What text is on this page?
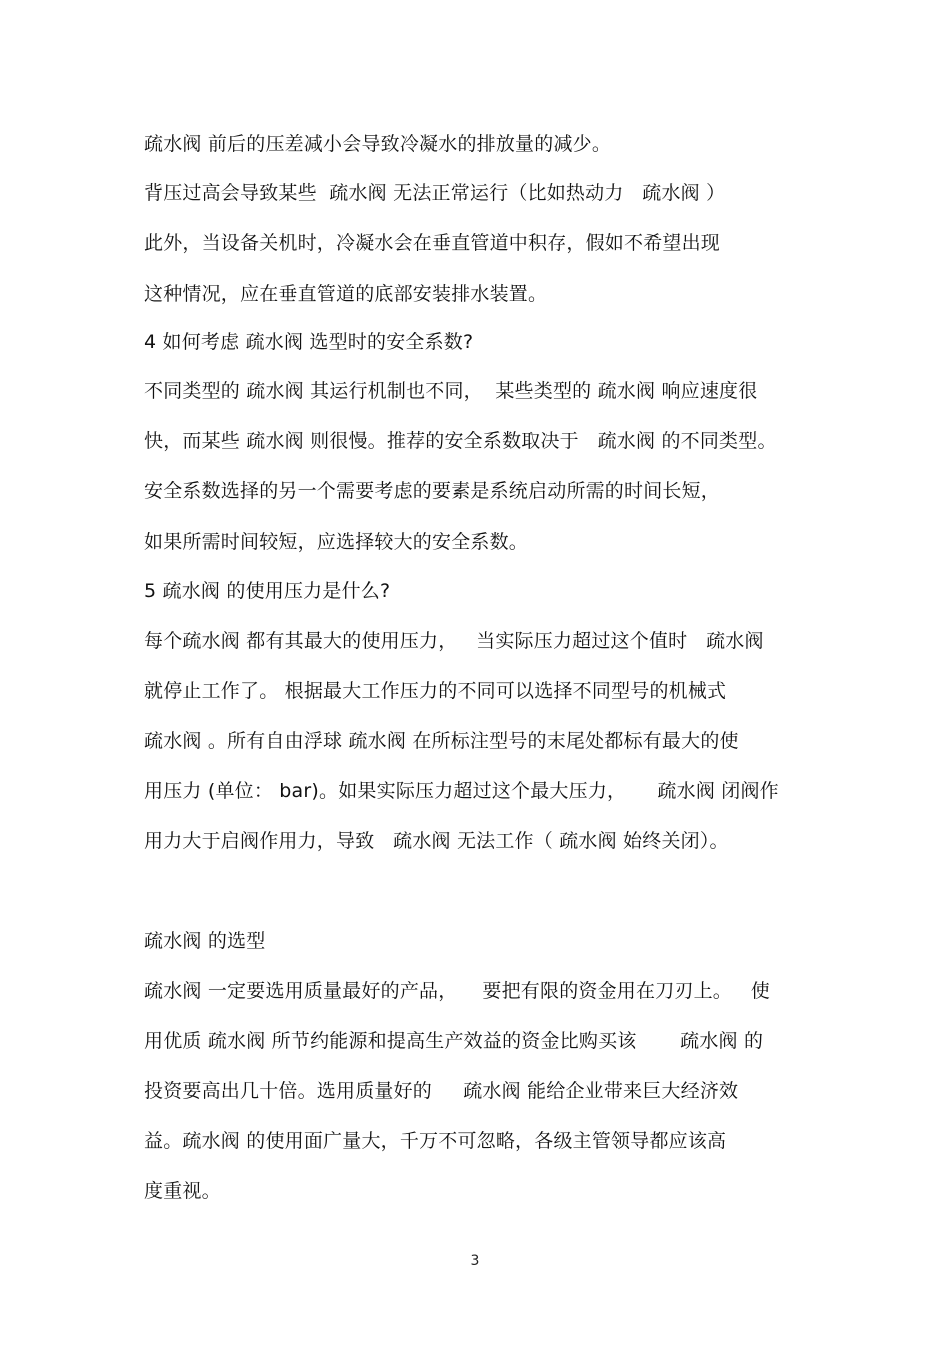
疏水阀 前后的压差减小会导致冷凝水的排放量的减少。
背压过高会导致某些  疏水阀 无法正常运行（比如热动力   疏水阀 ）
此外，当设备关机时，冷凝水会在垂直管道中积存，假如不希望出现
这种情况，应在垂直管道的底部安装排水装置。
4 如何考虑 疏水阀 选型时的安全系数?
不同类型的 疏水阀 其运行机制也不同，  某些类型的 疏水阀 响应速度很
快，而某些 疏水阀 则很慢。推荐的安全系数取决于   疏水阀 的不同类型。
安全系数选择的另一个需要考虑的要素是系统启动所需的时间长短，
如果所需时间较短，应选择较大的安全系数。
5 疏水阀 的使用压力是什么?
每个疏水阀 都有其最大的使用压力，   当实际压力超过这个值时   疏水阀
就停止工作了。 根据最大工作压力的不同可以选择不同型号的机械式
疏水阀 。所有自由浮球 疏水阀 在所标注型号的末尾处都标有最大的使
用压力 (单位： bar)。如果实际压力超过这个最大压力，     疏水阀 闭阀作
用力大于启阀作用力，导致   疏水阀 无法工作（ 疏水阀 始终关闭）。
疏水阀 的选型
疏水阀 一定要选用质量最好的产品，    要把有限的资金用在刀刃上。   使
用优质 疏水阀 所节约能源和提高生产效益的资金比购买该       疏水阀 的
投资要高出几十倍。选用质量好的     疏水阀 能给企业带来巨大经济效
益。疏水阀 的使用面广量大，千万不可忽略，各级主管领导都应该高
度重视。
3
